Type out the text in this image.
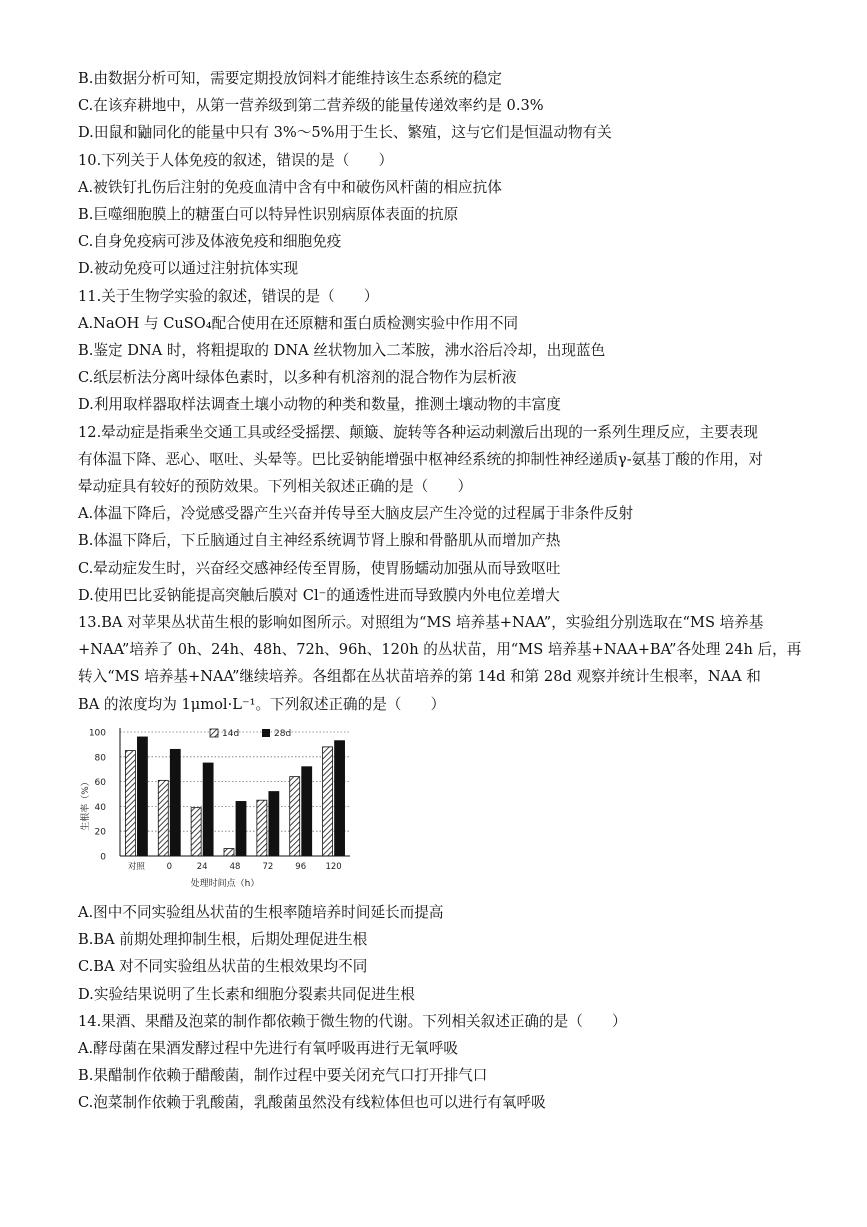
B.由数据分析可知，需要定期投放饲料才能维持该生态系统的稳定
C.在该弃耕地中，从第一营养级到第二营养级的能量传递效率约是 0.3%
D.田鼠和鼬同化的能量中只有 3%～5%用于生长、繁殖，这与它们是恒温动物有关
10.下列关于人体免疫的叙述，错误的是（　　）
A.被铁钉扎伤后注射的免疫血清中含有中和破伤风杆菌的相应抗体
B.巨噬细胞膜上的糖蛋白可以特异性识别病原体表面的抗原
C.自身免疫病可涉及体液免疫和细胞免疫
D.被动免疫可以通过注射抗体实现
11.关于生物学实验的叙述，错误的是（　　）
A.NaOH 与 CuSO₄配合使用在还原糖和蛋白质检测实验中作用不同
B.鉴定 DNA 时，将粗提取的 DNA 丝状物加入二苯胺，沸水浴后冷却，出现蓝色
C.纸层析法分离叶绿体色素时，以多种有机溶剂的混合物作为层析液
D.利用取样器取样法调查土壤小动物的种类和数量，推测土壤动物的丰富度
12.晕动症是指乘坐交通工具或经受摇摆、颠簸、旋转等各种运动刺激后出现的一系列生理反应，主要表现
有体温下降、恶心、呕吐、头晕等。巴比妥钠能增强中枢神经系统的抑制性神经递质γ-氨基丁酸的作用，对
晕动症具有较好的预防效果。下列相关叙述正确的是（　　）
A.体温下降后，冷觉感受器产生兴奋并传导至大脑皮层产生冷觉的过程属于非条件反射
B.体温下降后，下丘脑通过自主神经系统调节肾上腺和骨骼肌从而增加产热
C.晕动症发生时，兴奋经交感神经传至胃肠，使胃肠蠕动加强从而导致呕吐
D.使用巴比妥钠能提高突触后膜对 Cl⁻的通透性进而导致膜内外电位差增大
13.BA 对苹果丛状苗生根的影响如图所示。对照组为“MS 培养基+NAA”，实验组分别选取在“MS 培养基
+NAA”培养了 0h、24h、48h、72h、96h、120h 的丛状苗，用“MS 培养基+NAA+BA”各处理 24h 后，再
转入“MS 培养基+NAA”继续培养。各组都在丛状苗培养的第 14d 和第 28d 观察并统计生根率，NAA 和
BA 的浓度均为 1μmol·L⁻¹。下列叙述正确的是（　　）
0
20
40
60
80
100
对照	0	24	48	72	96 120
处理时间点（h）
生根率（%）
14d	28d
A.图中不同实验组丛状苗的生根率随培养时间延长而提高
B.BA 前期处理抑制生根，后期处理促进生根
C.BA 对不同实验组丛状苗的生根效果均不同
D.实验结果说明了生长素和细胞分裂素共同促进生根
14.果酒、果醋及泡菜的制作都依赖于微生物的代谢。下列相关叙述正确的是（　　）
A.酵母菌在果酒发酵过程中先进行有氧呼吸再进行无氧呼吸
B.果醋制作依赖于醋酸菌，制作过程中要关闭充气口打开排气口
C.泡菜制作依赖于乳酸菌，乳酸菌虽然没有线粒体但也可以进行有氧呼吸
